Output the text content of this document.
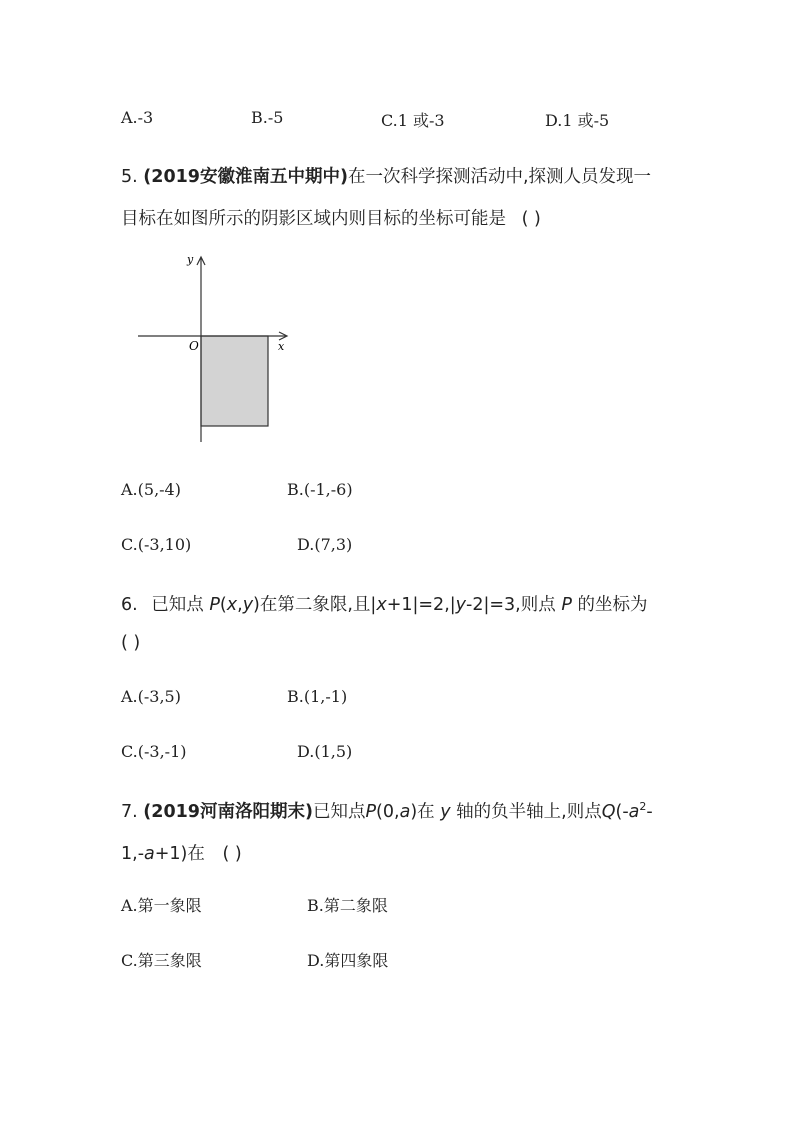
A.-3	B.-5	C.1 或-3	D.1 或-5
5. (2019安徽淮南五中期中)在一次科学探测活动中,探测人员发现一
目标在如图所示的阴影区域内则目标的坐标可能是 ( )
y
x
O
A.(5,-4)	B.(-1,-6)
C.(-3,10)	D.(7,3)
6. 已知点 P(x,y)在第二象限,且|x+1|=2,|y-2|=3,则点 P 的坐标为
( )
A.(-3,5)	B.(1,-1)
C.(-3,-1)	D.(1,5)
7. (2019河南洛阳期末)已知点P(0,a)在 y 轴的负半轴上,则点$Q(-a^2-$
1,-a+1)在 ( )
A.第一象限	B.第二象限
C.第三象限	D.第四象限
